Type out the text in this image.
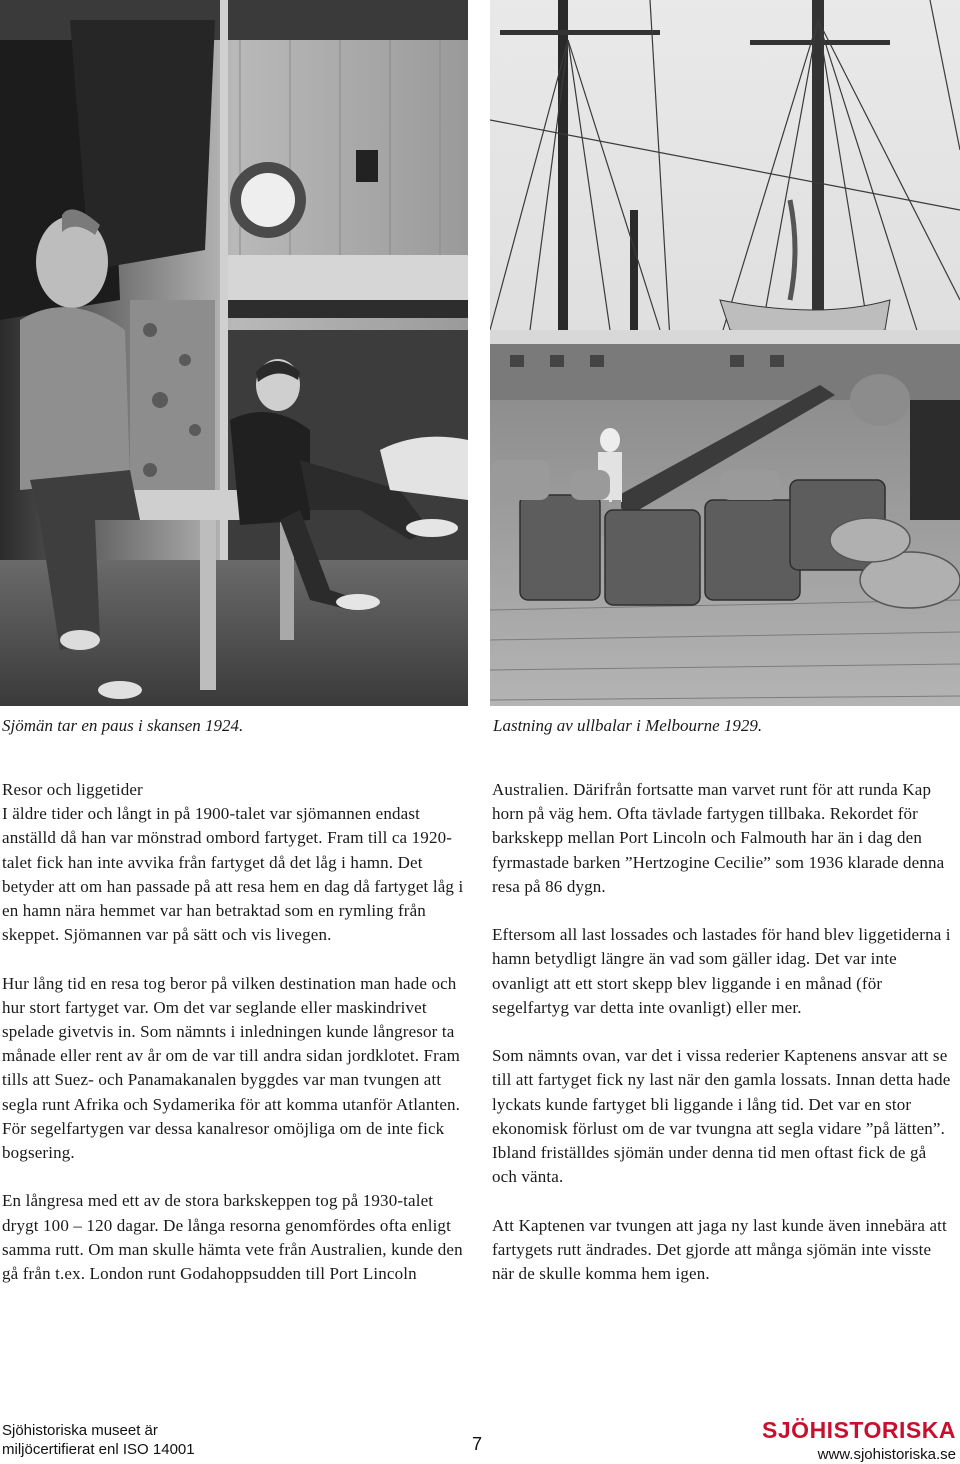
Sjömän tar en paus i skansen 1924.	Lastning av ullbalar i Melbourne 1929.
Resor och liggetider

I äldre tider och långt in på 1900-talet var sjömannen endast anställd då han var mönstrad ombord fartyget. Fram till ca 1920-talet fick han inte avvika från fartyget då det låg i hamn. Det betyder att om han passade på att resa hem en dag då fartyget låg i en hamn nära hemmet var han betraktad som en rymling från skeppet. Sjömannen var på sätt och vis livegen.

Hur lång tid en resa tog beror på vilken destination man hade och hur stort fartyget var. Om det var seglande eller maskindrivet spelade givetvis in. Som nämnts i inledningen kunde långresor ta månade eller rent av år om de var till andra sidan jordklotet. Fram tills att Suez- och Panamakanalen byggdes var man tvungen att segla runt Afrika och Sydamerika för att komma utanför Atlanten. För segelfartygen var dessa kanalresor omöjliga om de inte fick bogsering.

En långresa med ett av de stora barkskeppen tog på 1930-talet drygt 100 – 120 dagar. De långa resorna genomfördes ofta enligt samma rutt. Om man skulle hämta vete från Australien, kunde den gå från t.ex. London runt Godahoppsudden till Port Lincoln

Australien. Därifrån fortsatte man varvet runt för att runda Kap horn på väg hem. Ofta tävlade fartygen tillbaka. Rekordet för barkskepp mellan Port Lincoln och Falmouth har än i dag den fyrmastade barken ”Hertzogine Cecilie” som 1936 klarade denna resa på 86 dygn.

Eftersom all last lossades och lastades för hand blev liggetiderna i hamn betydligt längre än vad som gäller idag. Det var inte ovanligt att ett stort skepp blev liggande i en månad (för segelfartyg var detta inte ovanligt) eller mer.

Som nämnts ovan, var det i vissa rederier Kaptenens ansvar att se till att fartyget fick ny last när den gamla lossats. Innan detta hade lyckats kunde fartyget bli liggande i lång tid. Det var en stor ekonomisk förlust om de var tvungna att segla vidare ”på lätten”. Ibland friställdes sjömän under denna tid men oftast fick de gå och vänta.

Att Kaptenen var tvungen att jaga ny last kunde även innebära att fartygets rutt ändrades. Det gjorde att många sjömän inte visste när de skulle komma hem igen.

Sjöhistoriska museet är
miljöcertifierat enl ISO 14001	7
SJÖHISTORISKA
www.sjohistoriska.se
